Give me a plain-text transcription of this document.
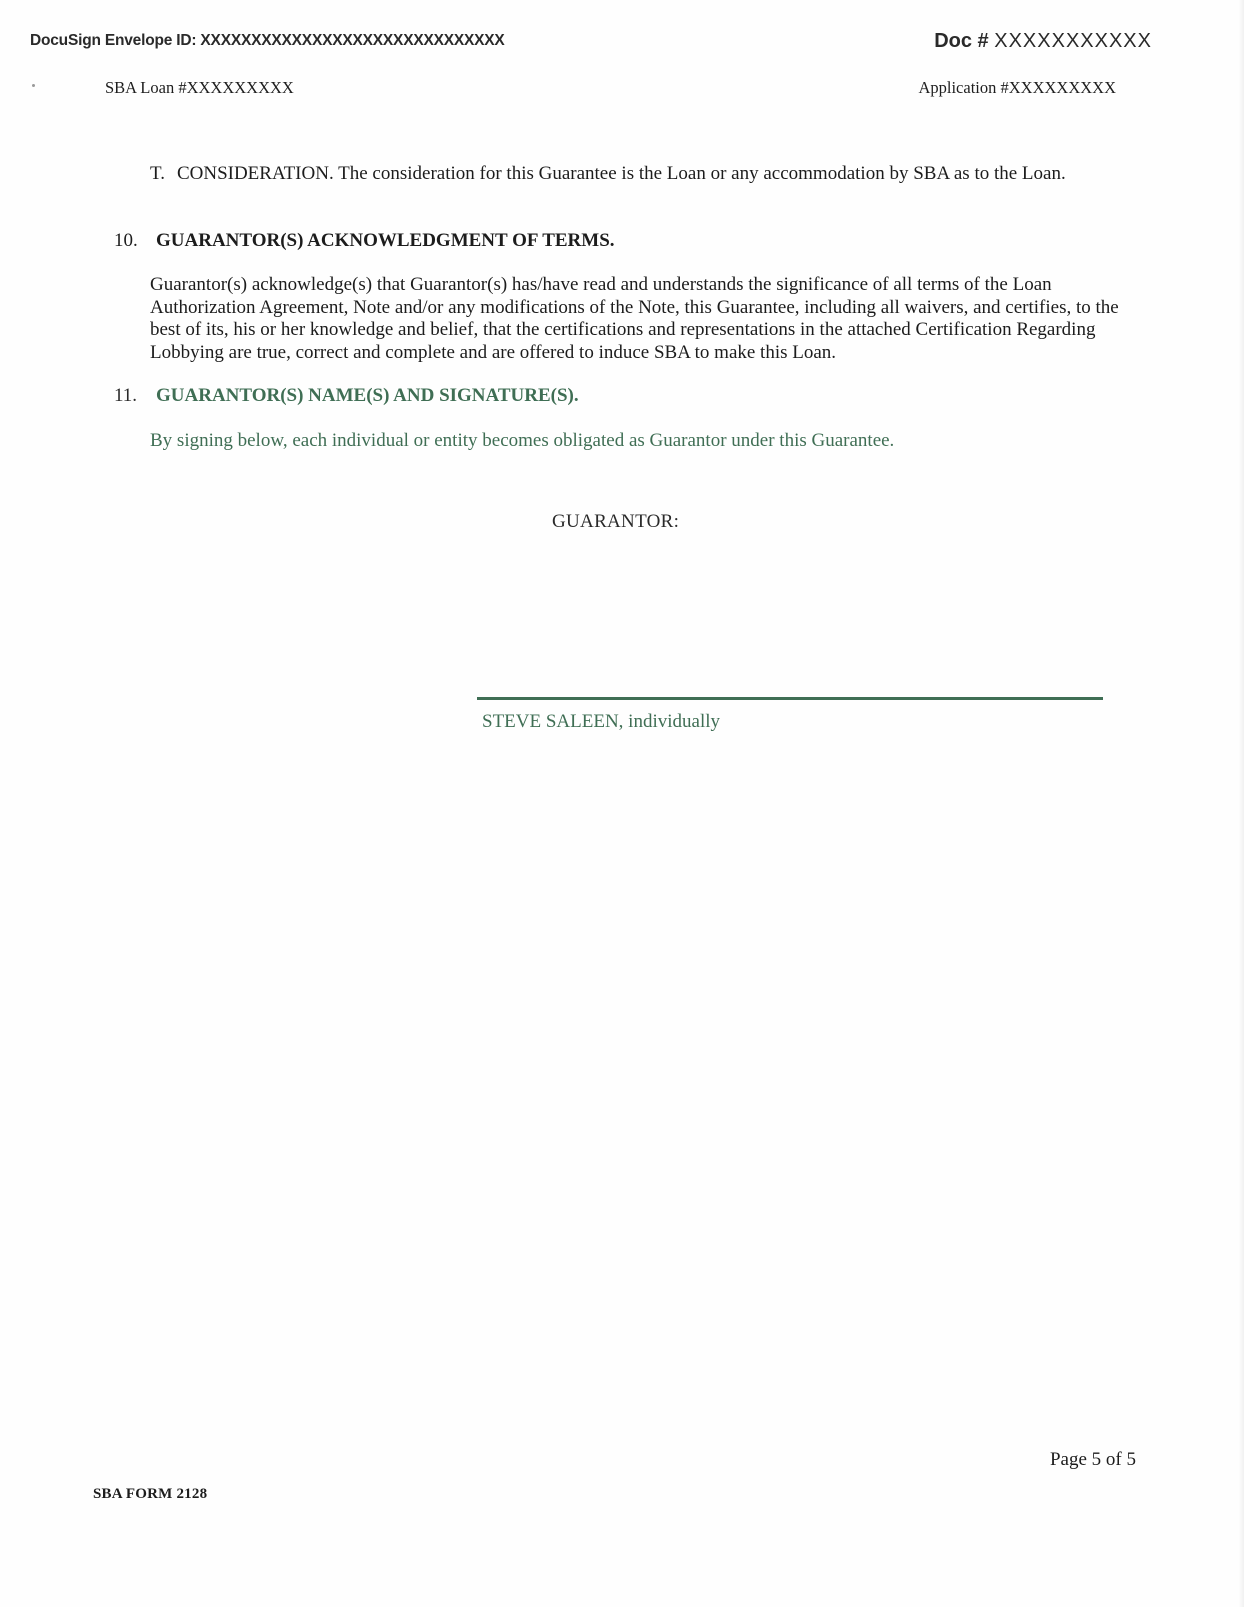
DocuSign Envelope ID: XXXXXXXXXXXXXXXXXXXXXXXXXXXXXX	Doc # XXXXXXXXXXX
SBA Loan #XXXXXXXXX	Application #XXXXXXXXX
T. CONSIDERATION. The consideration for this Guarantee is the Loan or any accommodation by SBA as to the Loan.
10. GUARANTOR(S) ACKNOWLEDGMENT OF TERMS.
Guarantor(s) acknowledge(s) that Guarantor(s) has/have read and understands the significance of all terms of the Loan Authorization Agreement, Note and/or any modifications of the Note, this Guarantee, including all waivers, and certifies, to the best of its, his or her knowledge and belief, that the certifications and representations in the attached Certification Regarding Lobbying are true, correct and complete and are offered to induce SBA to make this Loan.
11. GUARANTOR(S) NAME(S) AND SIGNATURE(S).
By signing below, each individual or entity becomes obligated as Guarantor under this Guarantee.
GUARANTOR:
STEVE SALEEN, individually
Page 5 of 5
SBA FORM 2128
